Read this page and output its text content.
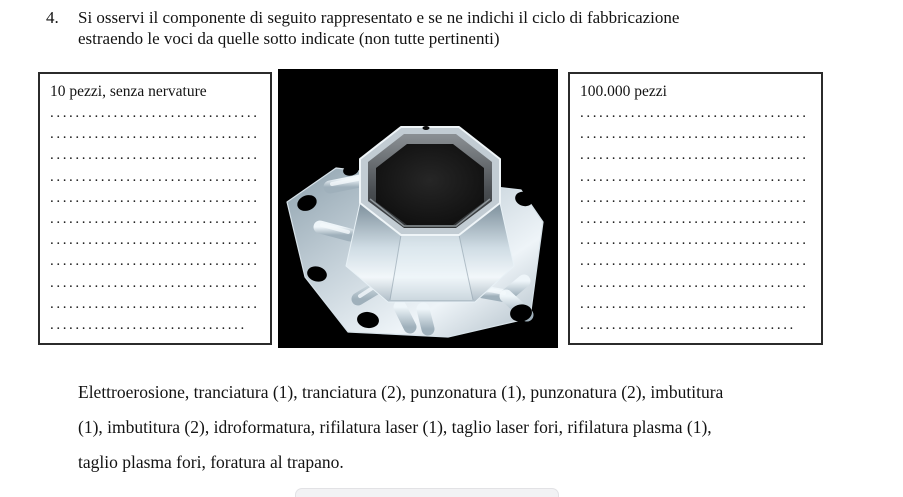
4. Si osservi il componente di seguito rappresentato e se ne indichi il ciclo di fabbricazione
estraendo le voci da quelle sotto indicate (non tutte pertinenti)
10 pezzi, senza nervature
.................................
.................................
.................................
.................................
.................................
.................................
.................................
.................................
.................................
.................................
...............................
100.000 pezzi
....................................
....................................
....................................
....................................
....................................
....................................
....................................
....................................
....................................
....................................
..................................
Elettroerosione, tranciatura (1), tranciatura (2), punzonatura (1), punzonatura (2), imbutitura
(1), imbutitura (2), idroformatura, rifilatura laser (1), taglio laser fori, rifilatura plasma (1),
taglio plasma fori, foratura al trapano.
